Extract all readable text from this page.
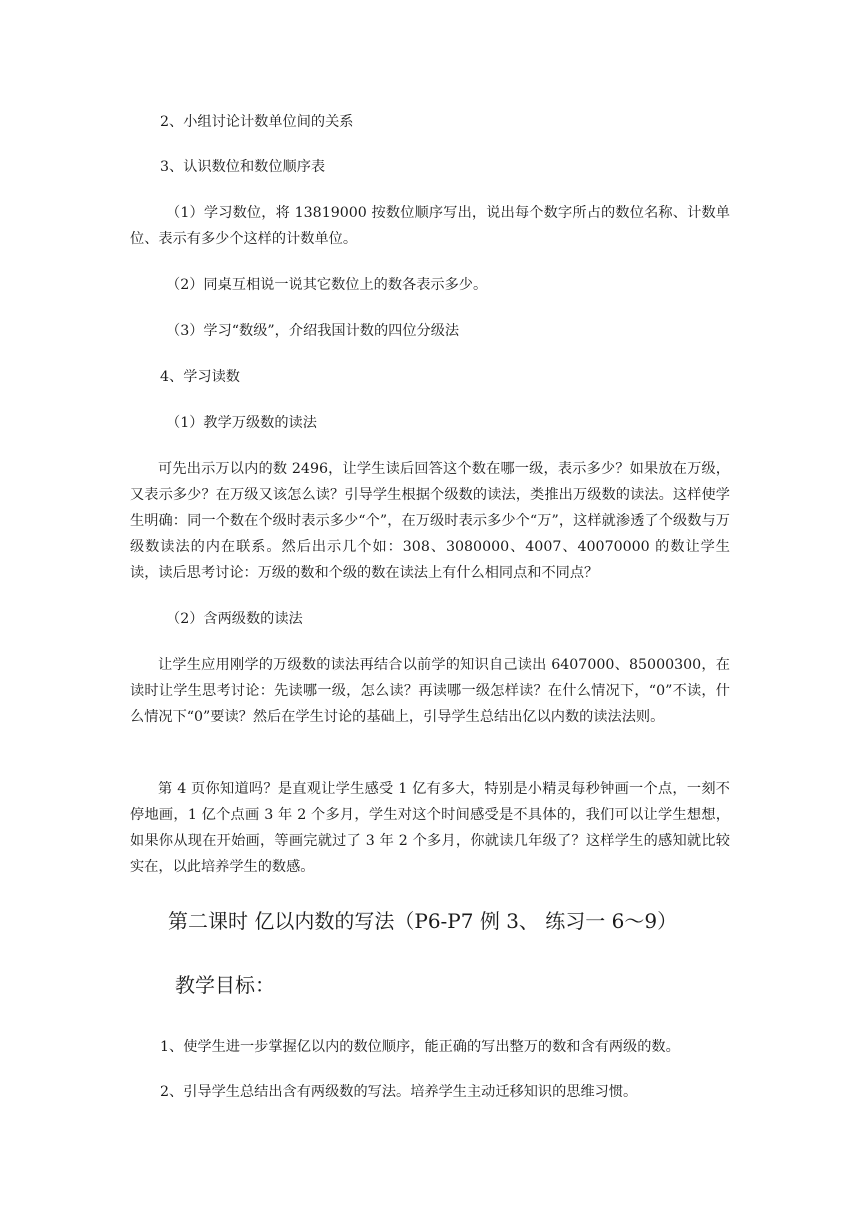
2、小组讨论计数单位间的关系

3、认识数位和数位顺序表

（1）学习数位，将 13819000 按数位顺序写出，说出每个数字所占的数位名称、计数单位、表示有多少个这样的计数单位。

（2）同桌互相说一说其它数位上的数各表示多少。

（3）学习“数级”，介绍我国计数的四位分级法

4、学习读数

（1）教学万级数的读法

可先出示万以内的数 2496，让学生读后回答这个数在哪一级，表示多少？如果放在万级，又表示多少？在万级又该怎么读？引导学生根据个级数的读法，类推出万级数的读法。这样使学生明确：同一个数在个级时表示多少“个”，在万级时表示多少个“万”，这样就渗透了个级数与万级数读法的内在联系。然后出示几个如：308、3080000、4007、40070000 的数让学生读，读后思考讨论：万级的数和个级的数在读法上有什么相同点和不同点？

（2）含两级数的读法

让学生应用刚学的万级数的读法再结合以前学的知识自己读出 6407000、85000300，在读时让学生思考讨论：先读哪一级，怎么读？再读哪一级怎样读？在什么情况下，“0”不读，什么情况下“0”要读？然后在学生讨论的基础上，引导学生总结出亿以内数的读法法则。

第 4 页你知道吗？是直观让学生感受 1 亿有多大，特别是小精灵每秒钟画一个点，一刻不停地画，1 亿个点画 3 年 2 个多月，学生对这个时间感受是不具体的，我们可以让学生想想，如果你从现在开始画，等画完就过了 3 年 2 个多月，你就读几年级了？这样学生的感知就比较实在，以此培养学生的数感。

第二课时 亿以内数的写法（P6-P7 例 3、 练习一 6～9）
教学目标：

1、使学生进一步掌握亿以内的数位顺序，能正确的写出整万的数和含有两级的数。

2、引导学生总结出含有两级数的写法。培养学生主动迁移知识的思维习惯。
